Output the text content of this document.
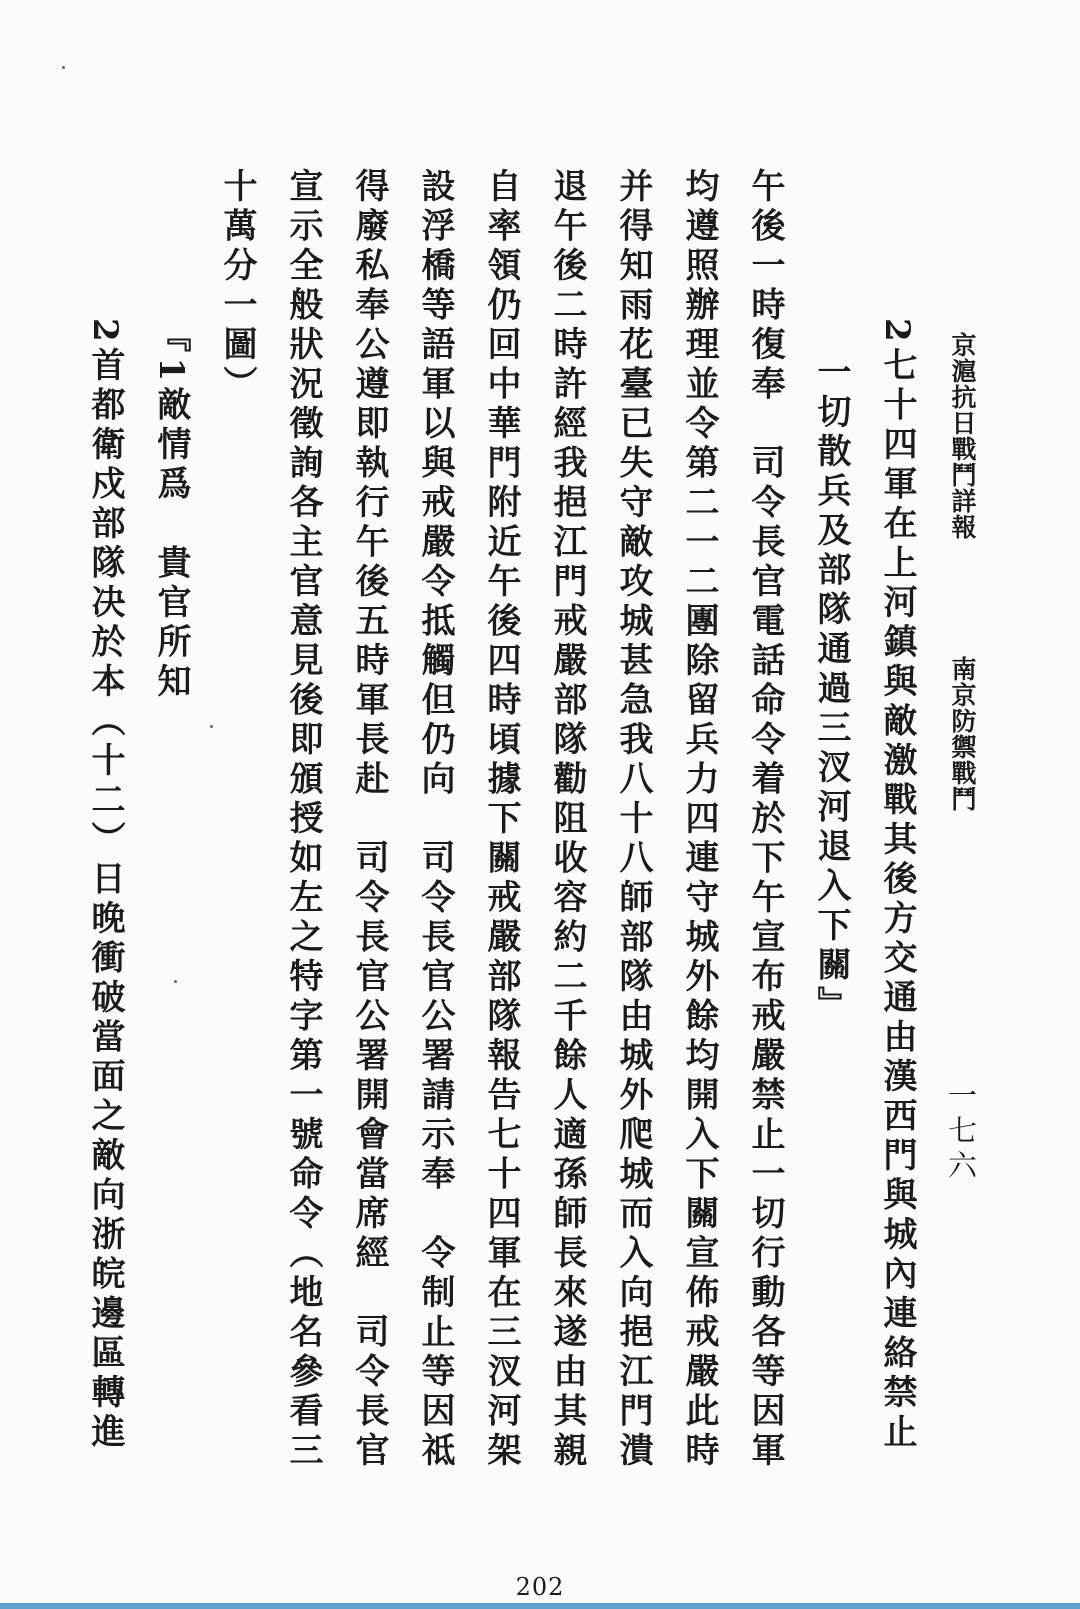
京滬抗日戰鬥詳報
南京防禦戰鬥
一七六

2七十四軍在上河鎮與敵激戰其後方交通由漢西門與城內連絡禁止

一切散兵及部隊通過三汊河退入下關』

午後一時復奉　司令長官電話命令着於下午宣布戒嚴禁止一切行動各等因軍

均遵照辦理並令第二一二團除留兵力四連守城外餘均開入下關宣佈戒嚴此時

并得知雨花臺已失守敵攻城甚急我八十八師部隊由城外爬城而入向挹江門潰

退午後二時許經我挹江門戒嚴部隊勸阻收容約二千餘人適孫師長來遂由其親

自率領仍回中華門附近午後四時頃據下關戒嚴部隊報告七十四軍在三汊河架

設浮橋等語軍以與戒嚴令抵觸但仍向　司令長官公署請示奉　令制止等因祗

得廢私奉公遵即執行午後五時軍長赴　司令長官公署開會當席經　司令長官

宣示全般狀況徵詢各主官意見後即頒授如左之特字第一號命令（地名參看三

十萬分一圖）

『1敵情爲　貴官所知

2首都衛戍部隊决於本（十二）日晚衝破當面之敵向浙皖邊區轉進

202
